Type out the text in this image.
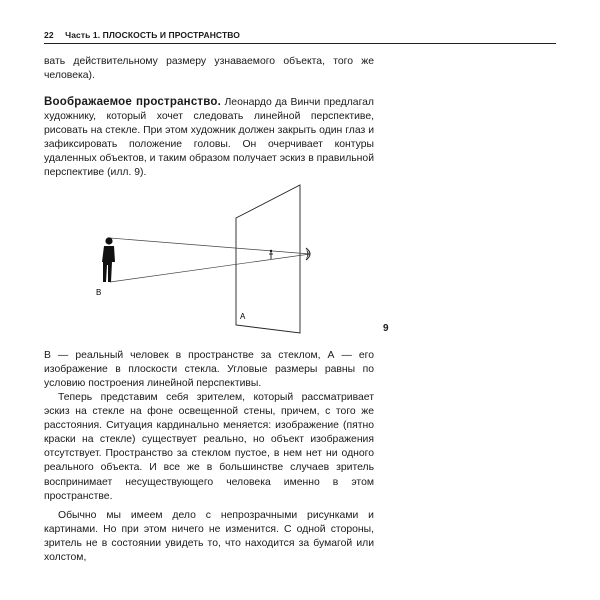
22 Часть 1. ПЛОСКОСТЬ И ПРОСТРАНСТВО

вать действительному размеру узнаваемого объекта, того же человека).

Воображаемое пространство. Леонардо да Винчи предлагал художнику, который хочет следовать линейной перспективе, рисовать на стекле. При этом художник должен закрыть один глаз и зафиксировать положение головы. Он очерчивает контуры удаленных объектов, и таким образом получает эскиз в правильной перспективе (илл. 9).

В
А
9

В — реальный человек в пространстве за стеклом, А — его изображение в плоскости стекла. Угловые размеры равны по условию построения линейной перспективы.

Теперь представим себя зрителем, который рассматривает эскиз на стекле на фоне освещенной стены, причем, с того же расстояния. Ситуация кардинально меняется: изображение (пятно краски на стекле) существует реально, но объект изображения отсутствует. Пространство за стеклом пустое, в нем нет ни одного реального объекта. И все же в большинстве случаев зритель воспринимает несуществующего человека именно в этом пространстве.

Обычно мы имеем дело с непрозрачными рисунками и картинами. Но при этом ничего не изменится. С одной стороны, зритель не в состоянии увидеть то, что находится за бумагой или холстом,
